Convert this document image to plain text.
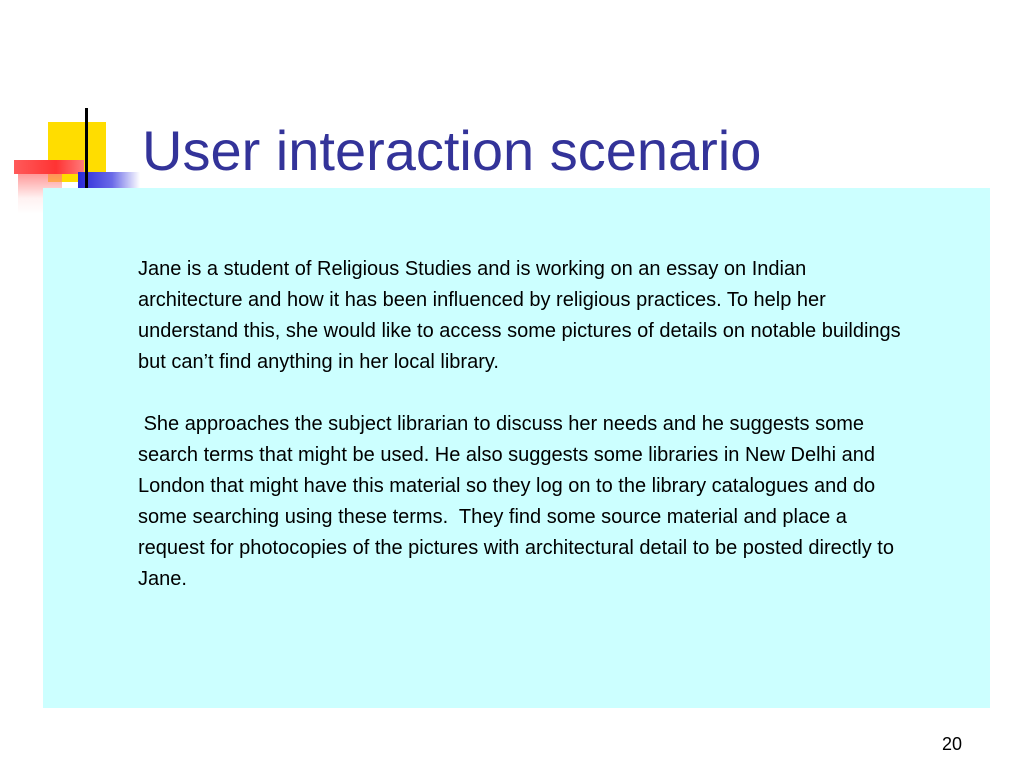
User interaction scenario

Jane is a student of Religious Studies and is working on an essay on Indian architecture and how it has been influenced by religious practices. To help her understand this, she would like to access some pictures of details on notable buildings but can’t find anything in her local library.

She approaches the subject librarian to discuss her needs and he suggests some search terms that might be used. He also suggests some libraries in New Delhi and London that might have this material so they log on to the library catalogues and do some searching using these terms.  They find some source material and place a request for photocopies of the pictures with architectural detail to be posted directly to Jane.

20
